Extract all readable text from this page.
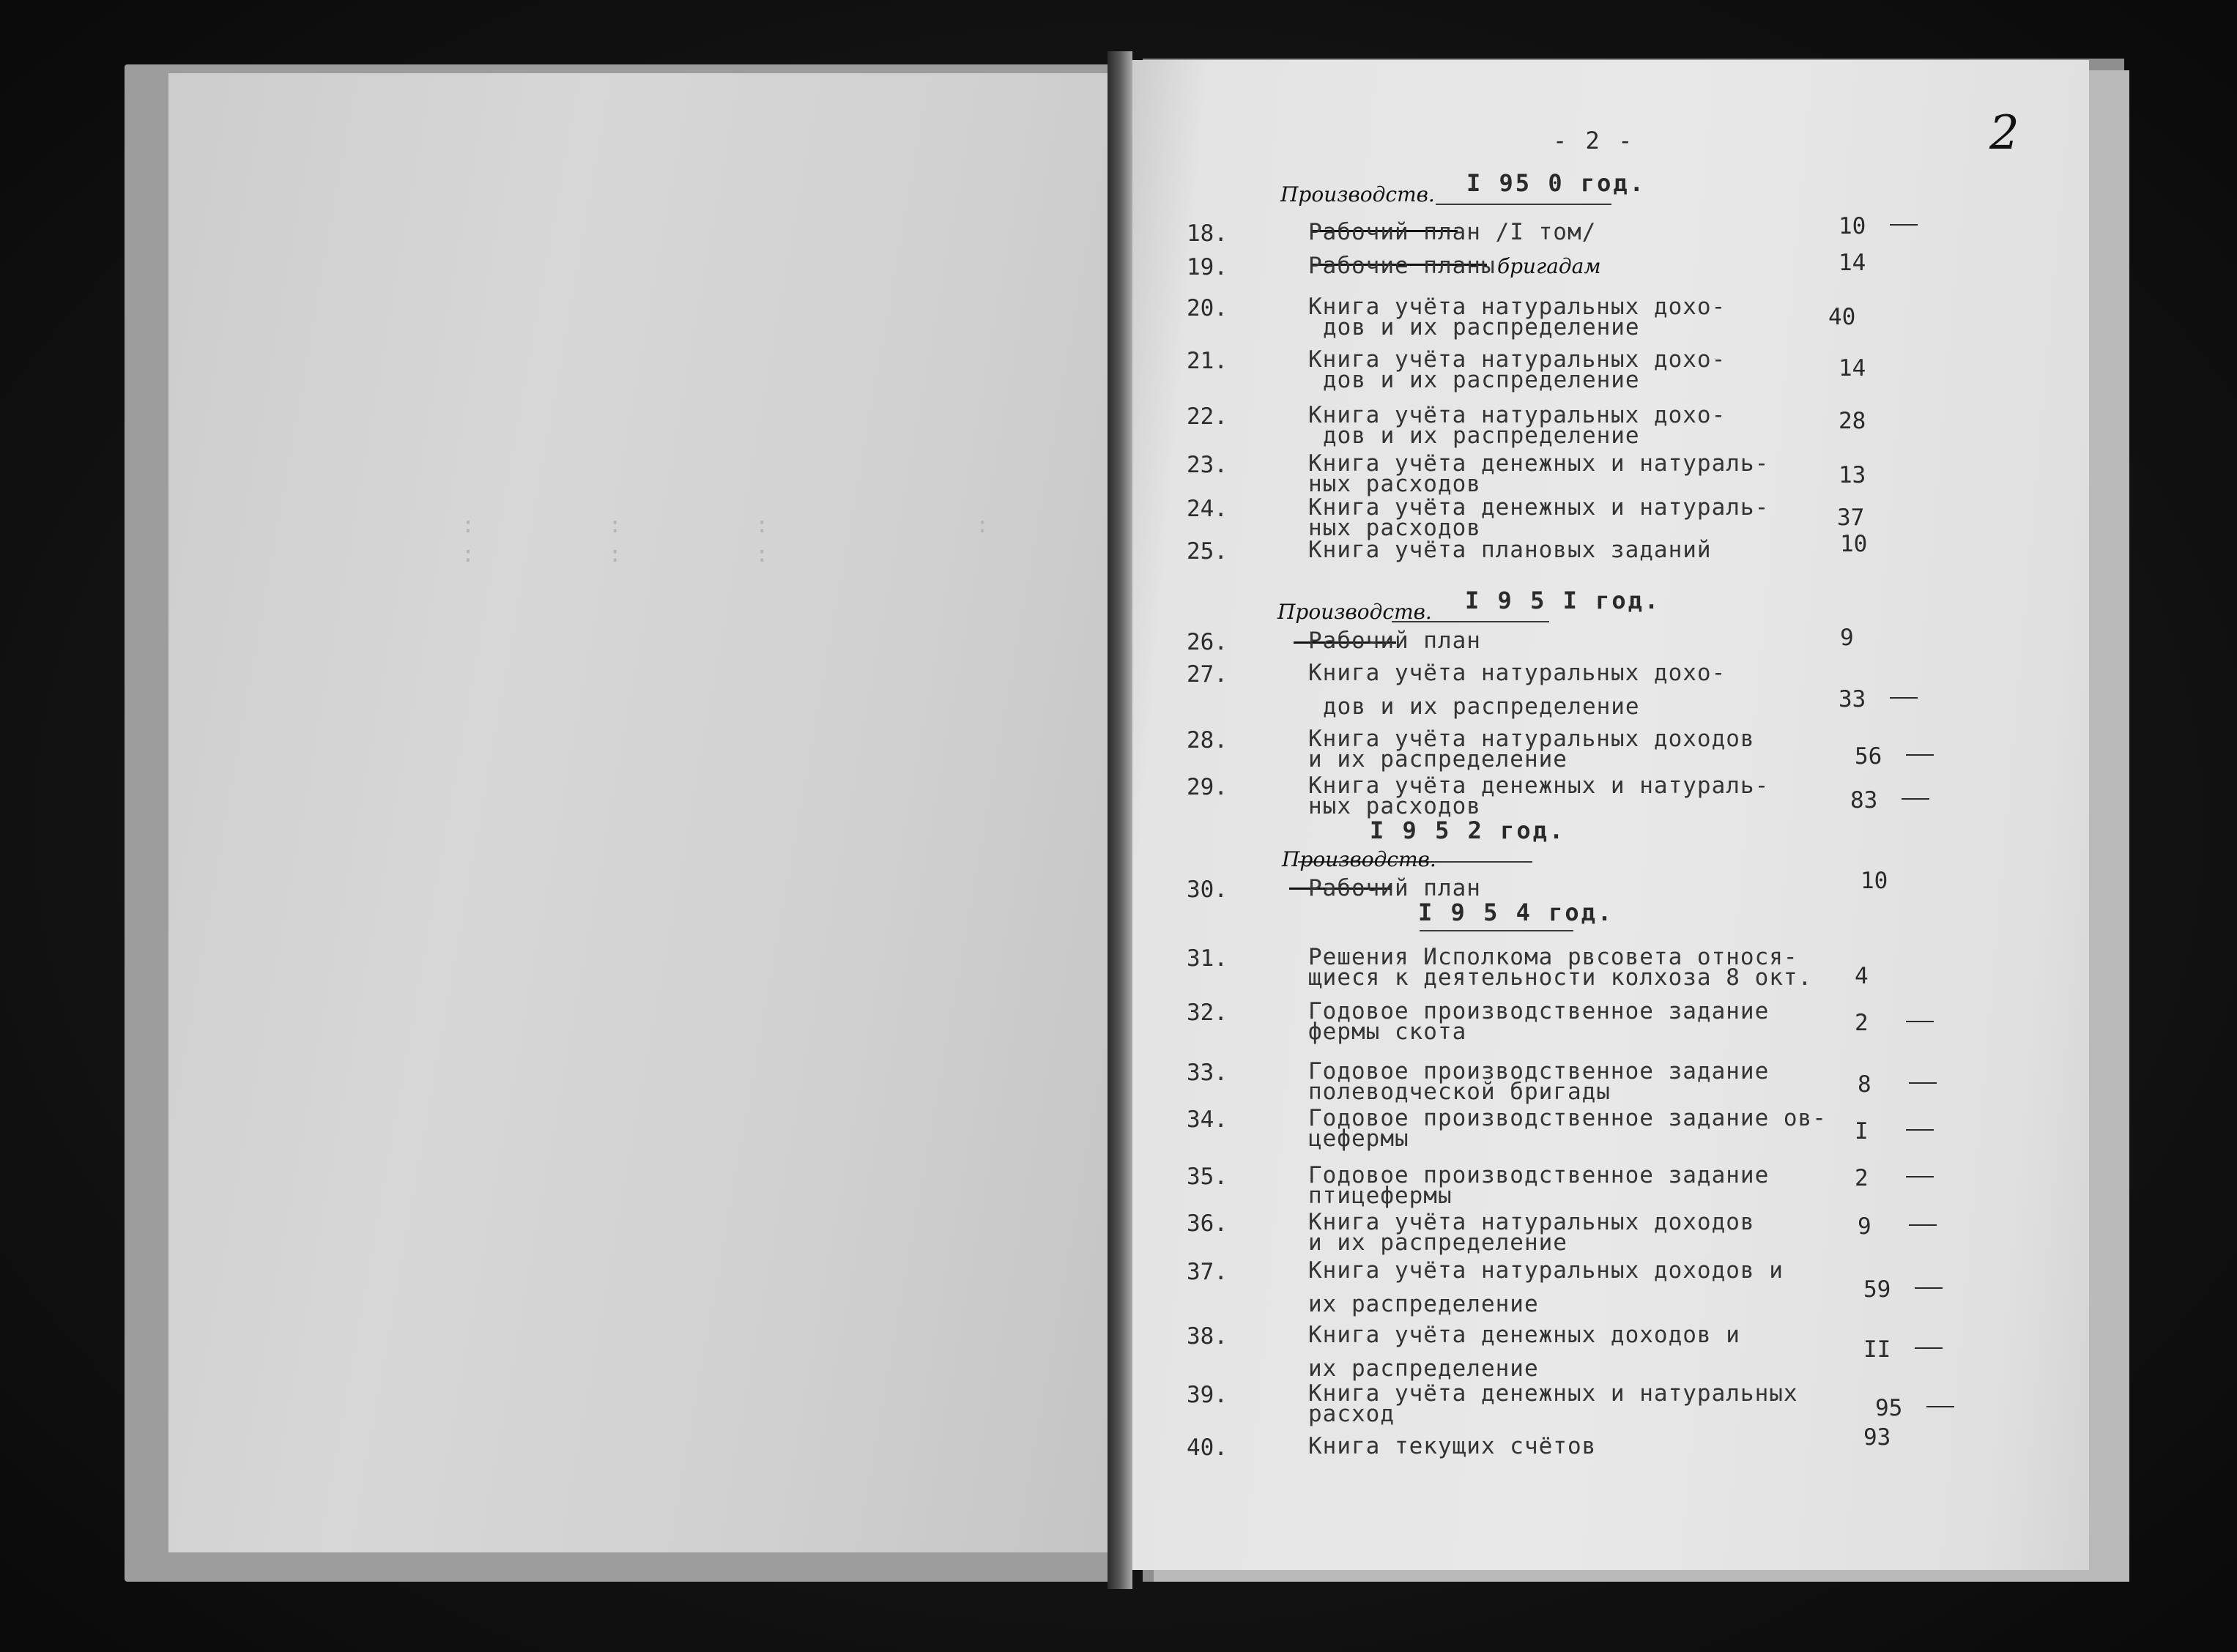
:         :         :              :
:         :         :
- 2 -	2
I 95 0 год.
I 9 5 I год.
I 9 5 2 год.
I 9 5 4 год.
Производств.
бригадам
Производств.
Производств.
18.	Рабочий план /I том/	10
19.	Рабочие планы	14
20.	Книга учёта натуральных дохо-
дов и их распределение	40
21.	Книга учёта натуральных дохо-
дов и их распределение	14
22.	Книга учёта натуральных дохо-
дов и их распределение
28
23.	Книга учёта денежных и натураль-
ных расходов	13
24.	Книга учёта денежных и натураль-
ных расходов	37
25.	Книга учёта плановых заданий	10
26.	Рабочий план	9
27.	Книга учёта натуральных дохо-
дов и их распределение	33
28.	Книга учёта натуральных доходов
и их распределение	56
29.	Книга учёта денежных и натураль-
ных расходов	83
30.	Рабочий план	10
31.	Решения Исполкома рвсовета относя-
щиеся к деятельности колхоза 8 окт. 4
32.	Годовое производственное задание
фермы скота	2
33.	Годовое производственное задание
полеводческой бригады	8
34.	Годовое производственное задание ов-
цефермы	I
35.	Годовое производственное задание
птицефермы
2
36.	Книга учёта натуральных доходов
и их распределение
9
37.	Книга учёта натуральных доходов и
их распределение
59
38.	Книга учёта денежных доходов и
их распределение
II
39.	Книга учёта денежных и натуральных
расход	95
40.	Книга текущих счётов	93
